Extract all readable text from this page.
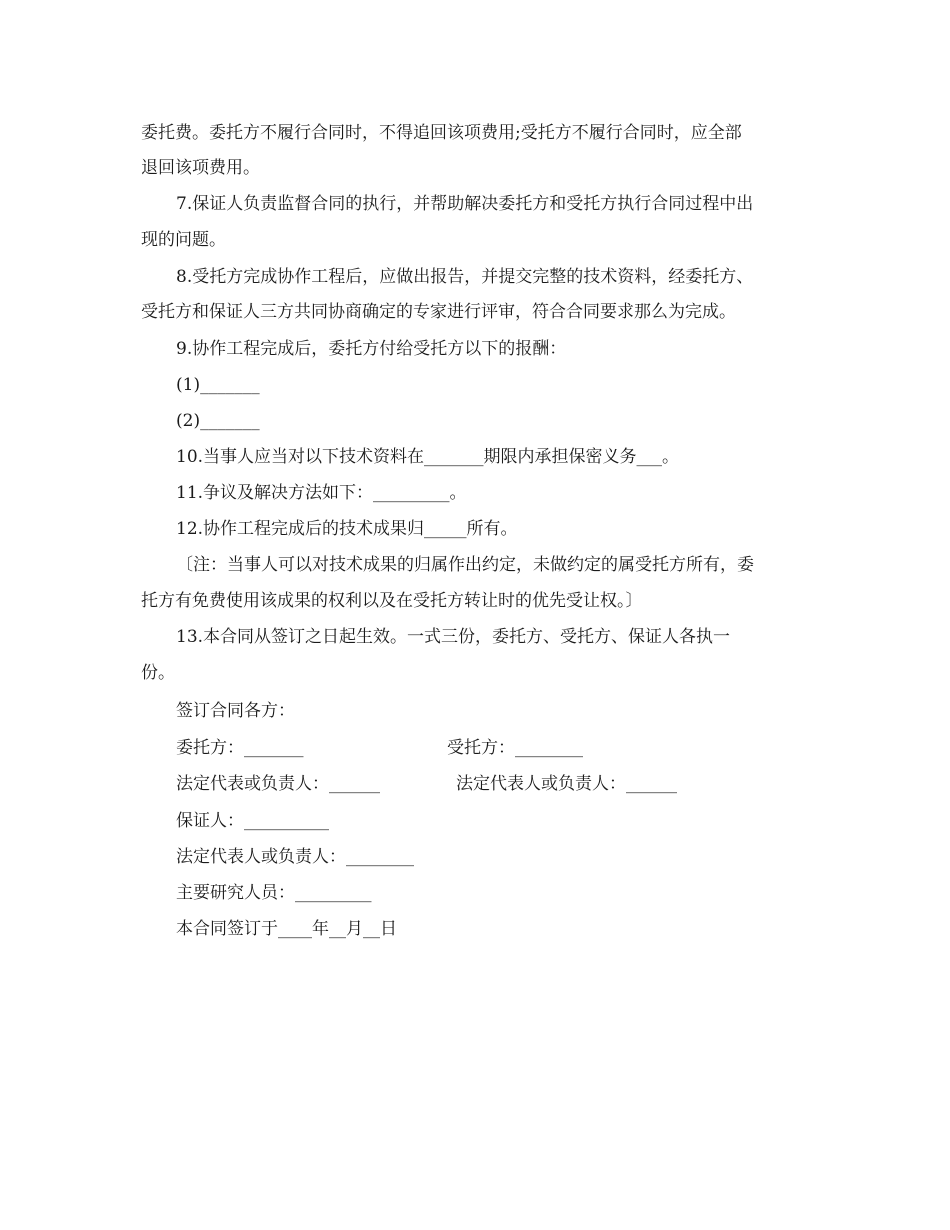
委托费。委托方不履行合同时，不得追回该项费用;受托方不履行合同时，应全部
退回该项费用。
7.保证人负责监督合同的执行，并帮助解决委托方和受托方执行合同过程中出
现的问题。
8.受托方完成协作工程后，应做出报告，并提交完整的技术资料，经委托方、
受托方和保证人三方共同协商确定的专家进行评审，符合合同要求那么为完成。
9.协作工程完成后，委托方付给受托方以下的报酬：
(1)_______
(2)_______
10.当事人应当对以下技术资料在_______期限内承担保密义务___。
11.争议及解决方法如下：_________。
12.协作工程完成后的技术成果归_____所有。
〔注：当事人可以对技术成果的归属作出约定，未做约定的属受托方所有，委
托方有免费使用该成果的权利以及在受托方转让时的优先受让权。〕
13.本合同从签订之日起生效。一式三份，委托方、受托方、保证人各执一
份。
签订合同各方：
委托方：_______	受托方：________
法定代表或负责人：______	法定代表人或负责人：______
保证人：__________
法定代表人或负责人：________
主要研究人员：_________
本合同签订于____年__月__日
